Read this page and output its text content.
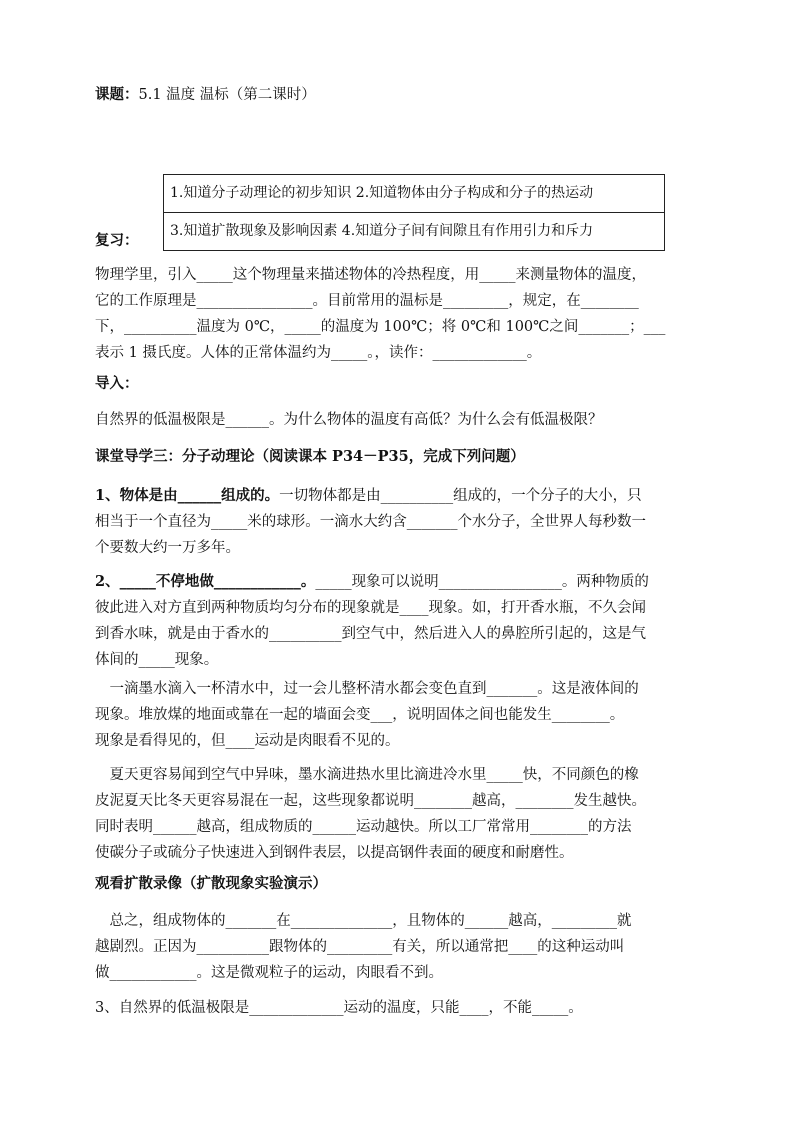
课题：5.1 温度 温标（第二课时）
1.知道分子动理论的初步知识 2.知道物体由分子构成和分子的热运动
3.知道扩散现象及影响因素 4.知道分子间有间隙且有作用引力和斥力
复习：
物理学里，引入_____这个物理量来描述物体的冷热程度，用_____来测量物体的温度，
它的工作原理是________________。目前常用的温标是_________，规定，在________
下，__________温度为 0℃，_____的温度为 100℃；将 0℃和 100℃之间_______；___
表示 1 摄氏度。人体的正常体温约为_____。，读作：_____________。
导入：
自然界的低温极限是______。为什么物体的温度有高低？为什么会有低温极限？
课堂导学三：分子动理论（阅读课本 P34－P35，完成下列问题）
1、物体是由______组成的。一切物体都是由__________组成的，一个分子的大小，只
相当于一个直径为_____米的球形。一滴水大约含_______个水分子，全世界人每秒数一
个要数大约一万多年。
2、_____不停地做____________。_____现象可以说明_________________。两种物质的
彼此进入对方直到两种物质均匀分布的现象就是____现象。如，打开香水瓶，不久会闻
到香水味，就是由于香水的__________到空气中，然后进入人的鼻腔所引起的，这是气
体间的_____现象。
　一滴墨水滴入一杯清水中，过一会儿整杯清水都会变色直到_______。这是液体间的
现象。堆放煤的地面或靠在一起的墙面会变___，说明固体之间也能发生________。
现象是看得见的，但____运动是肉眼看不见的。
　夏天更容易闻到空气中异味，墨水滴进热水里比滴进冷水里_____快，不同颜色的橡
皮泥夏天比冬天更容易混在一起，这些现象都说明________越高，________发生越快。
同时表明______越高，组成物质的______运动越快。所以工厂常常用________的方法
使碳分子或硫分子快速进入到钢件表层，以提高钢件表面的硬度和耐磨性。
观看扩散录像（扩散现象实验演示）
　总之，组成物体的_______在______________，且物体的______越高，_________就
越剧烈。正因为__________跟物体的_________有关，所以通常把____的这种运动叫
做____________。这是微观粒子的运动，肉眼看不到。
3、自然界的低温极限是_____________运动的温度，只能____，不能_____。
